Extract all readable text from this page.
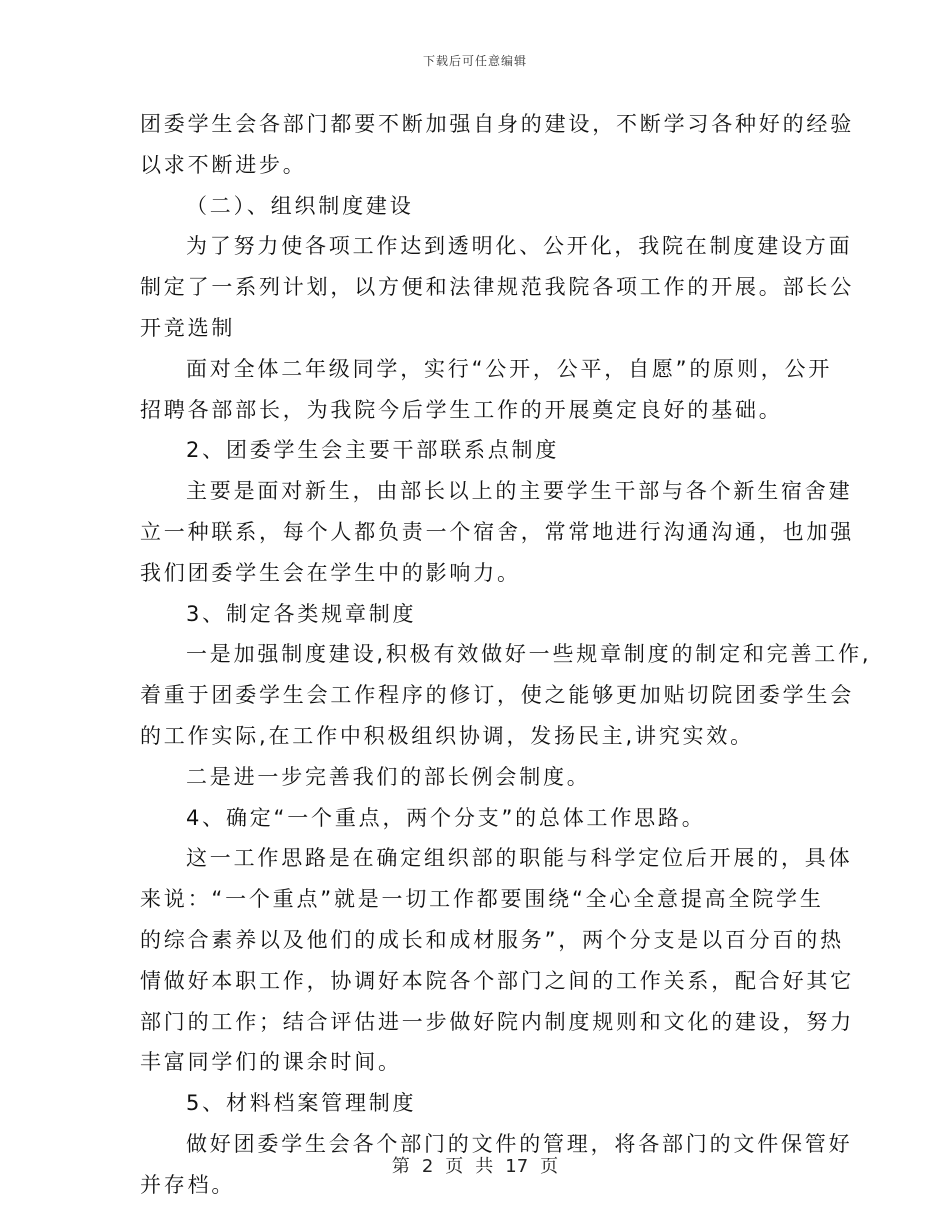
下载后可任意编辑
团委学生会各部门都要不断加强自身的建设，不断学习各种好的经验
以求不断进步。
（二）、组织制度建设
为了努力使各项工作达到透明化、公开化，我院在制度建设方面
制定了一系列计划，以方便和法律规范我院各项工作的开展。部长公
开竞选制
面对全体二年级同学，实行“公开，公平，自愿”的原则，公开
招聘各部部长，为我院今后学生工作的开展奠定良好的基础。
2、团委学生会主要干部联系点制度
主要是面对新生，由部长以上的主要学生干部与各个新生宿舍建
立一种联系，每个人都负责一个宿舍，常常地进行沟通沟通，也加强
我们团委学生会在学生中的影响力。
3、制定各类规章制度
一是加强制度建设,积极有效做好一些规章制度的制定和完善工作,
着重于团委学生会工作程序的修订，使之能够更加贴切院团委学生会
的工作实际,在工作中积极组织协调，发扬民主,讲究实效。
二是进一步完善我们的部长例会制度。
4、确定“一个重点，两个分支”的总体工作思路。
这一工作思路是在确定组织部的职能与科学定位后开展的，具体
来说：“一个重点”就是一切工作都要围绕“全心全意提高全院学生
的综合素养以及他们的成长和成材服务”，两个分支是以百分百的热
情做好本职工作，协调好本院各个部门之间的工作关系，配合好其它
部门的工作；结合评估进一步做好院内制度规则和文化的建设，努力
丰富同学们的课余时间。
5、材料档案管理制度
做好团委学生会各个部门的文件的管理，将各部门的文件保管好
并存档。
第 2 页 共 17 页
